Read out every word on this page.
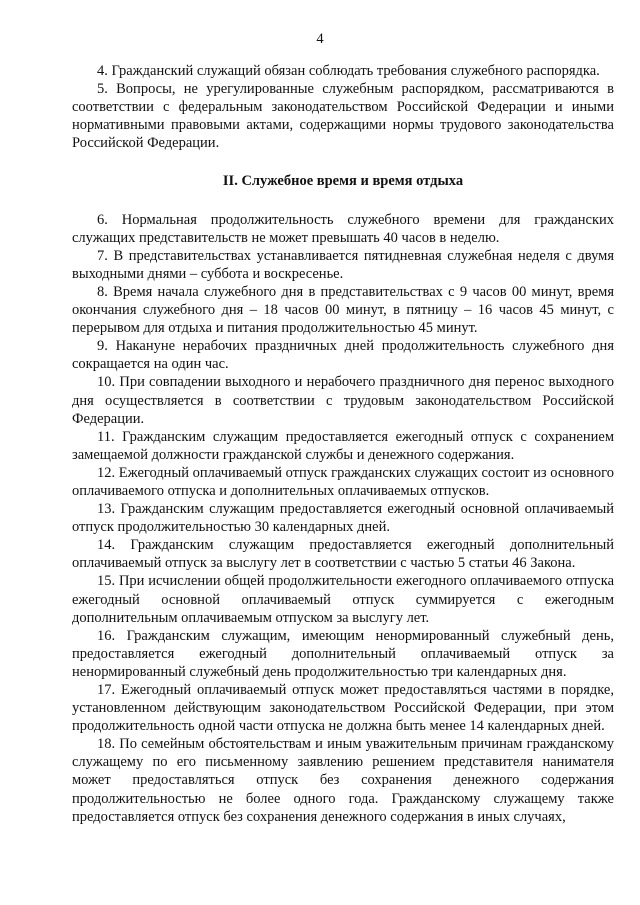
4

4. Гражданский служащий обязан соблюдать требования служебного распорядка.

5. Вопросы, не урегулированные служебным распорядком, рассматриваются в соответствии с федеральным законодательством Российской Федерации и иными нормативными правовыми актами, содержащими нормы трудового законодательства Российской Федерации.

II. Служебное время и время отдыха

6. Нормальная продолжительность служебного времени для гражданских служащих представительств не может превышать 40 часов в неделю.

7. В представительствах устанавливается пятидневная служебная неделя с двумя выходными днями – суббота и воскресенье.

8. Время начала служебного дня в представительствах с 9 часов 00 минут, время окончания служебного дня – 18 часов 00 минут, в пятницу – 16 часов 45 минут, с перерывом для отдыха и питания продолжительностью 45 минут.

9. Накануне нерабочих праздничных дней продолжительность служебного дня сокращается на один час.

10. При совпадении выходного и нерабочего праздничного дня перенос выходного дня осуществляется в соответствии с трудовым законодательством Российской Федерации.

11. Гражданским служащим предоставляется ежегодный отпуск с сохранением замещаемой должности гражданской службы и денежного содержания.

12. Ежегодный оплачиваемый отпуск гражданских служащих состоит из основного оплачиваемого отпуска и дополнительных оплачиваемых отпусков.

13. Гражданским служащим предоставляется ежегодный основной оплачиваемый отпуск продолжительностью 30 календарных дней.

14. Гражданским служащим предоставляется ежегодный дополнительный оплачиваемый отпуск за выслугу лет в соответствии с частью 5 статьи 46 Закона.

15. При исчислении общей продолжительности ежегодного оплачиваемого отпуска ежегодный основной оплачиваемый отпуск суммируется с ежегодным дополнительным оплачиваемым отпуском за выслугу лет.

16. Гражданским служащим, имеющим ненормированный служебный день, предоставляется ежегодный дополнительный оплачиваемый отпуск за ненормированный служебный день продолжительностью три календарных дня.

17. Ежегодный оплачиваемый отпуск может предоставляться частями в порядке, установленном действующим законодательством Российской Федерации, при этом продолжительность одной части отпуска не должна быть менее 14 календарных дней.

18. По семейным обстоятельствам и иным уважительным причинам гражданскому служащему по его письменному заявлению решением представителя нанимателя может предоставляться отпуск без сохранения денежного содержания продолжительностью не более одного года. Гражданскому служащему также предоставляется отпуск без сохранения денежного содержания в иных случаях,
